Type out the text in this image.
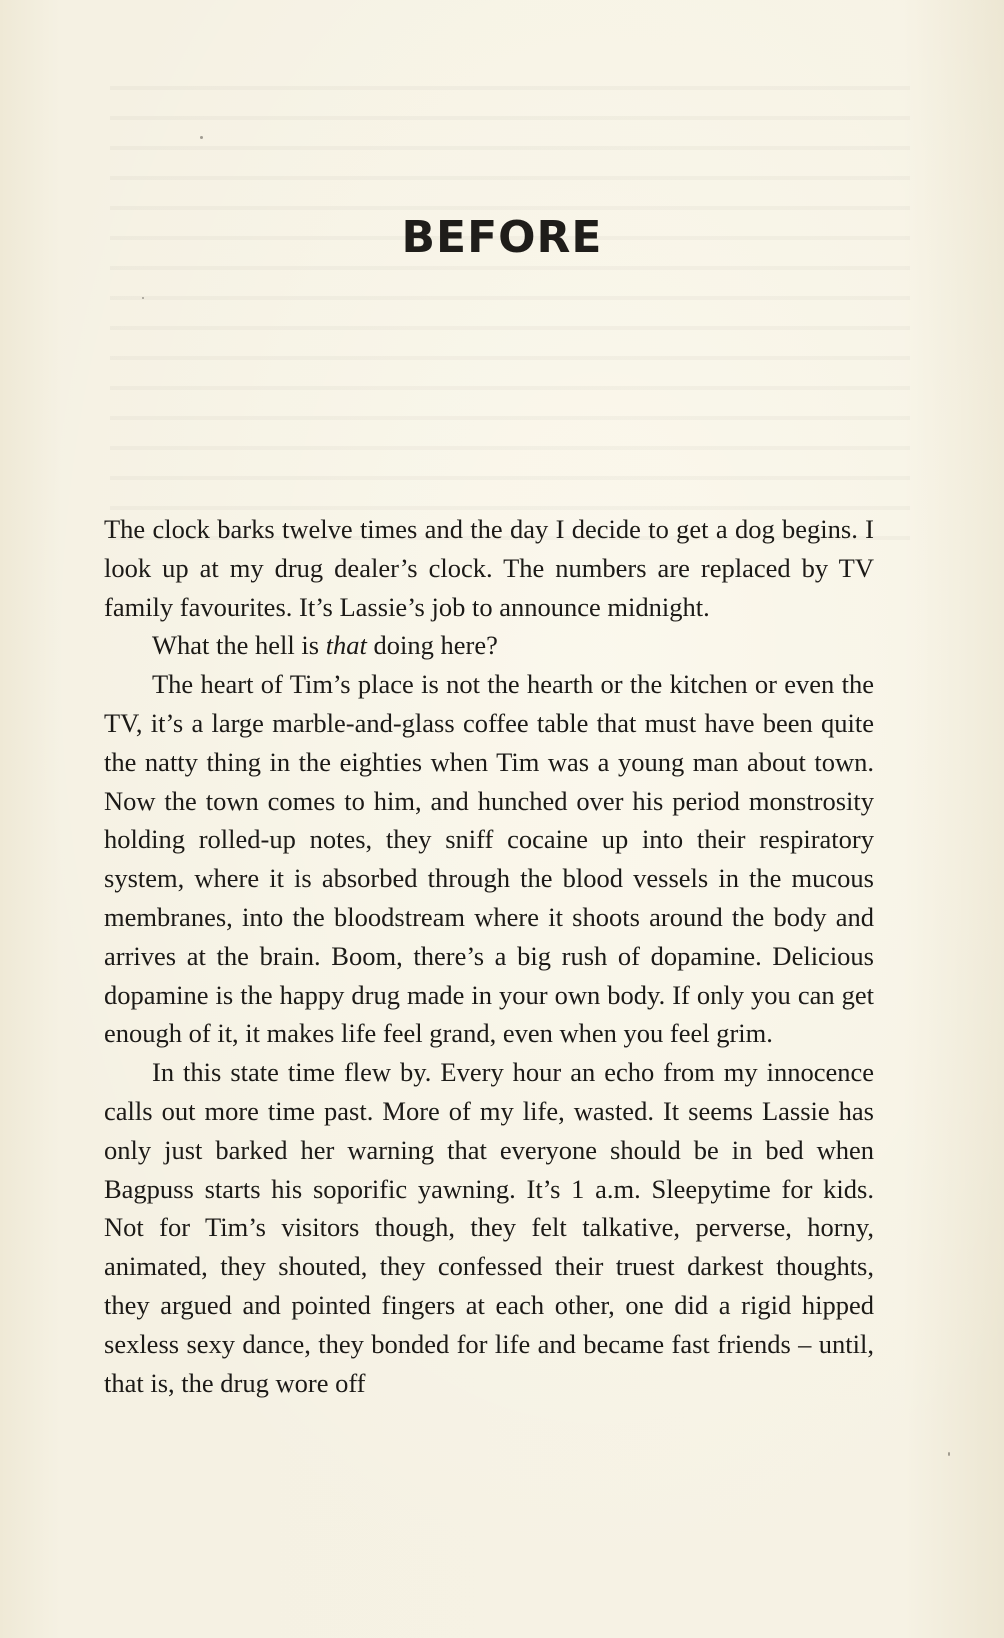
BEFORE

The clock barks twelve times and the day I decide to get a dog begins. I look up at my drug dealer’s clock. The numbers are replaced by TV family favourites. It’s Lassie’s job to announce midnight.

What the hell is that doing here?

The heart of Tim’s place is not the hearth or the kitchen or even the TV, it’s a large marble-and-glass coffee table that must have been quite the natty thing in the eighties when Tim was a young man about town. Now the town comes to him, and hunched over his period monstrosity holding rolled-up notes, they sniff cocaine up into their respiratory system, where it is absorbed through the blood vessels in the mucous membranes, into the bloodstream where it shoots around the body and arrives at the brain. Boom, there’s a big rush of dopamine. Delicious dopamine is the happy drug made in your own body. If only you can get enough of it, it makes life feel grand, even when you feel grim.

In this state time flew by. Every hour an echo from my innocence calls out more time past. More of my life, wasted. It seems Lassie has only just barked her warning that everyone should be in bed when Bagpuss starts his soporific yawning. It’s 1 a.m. Sleepytime for kids. Not for Tim’s visitors though, they felt talkative, perverse, horny, animated, they shouted, they confessed their truest darkest thoughts, they argued and pointed fingers at each other, one did a rigid hipped sexless sexy dance, they bonded for life and became fast friends – until, that is, the drug wore off
